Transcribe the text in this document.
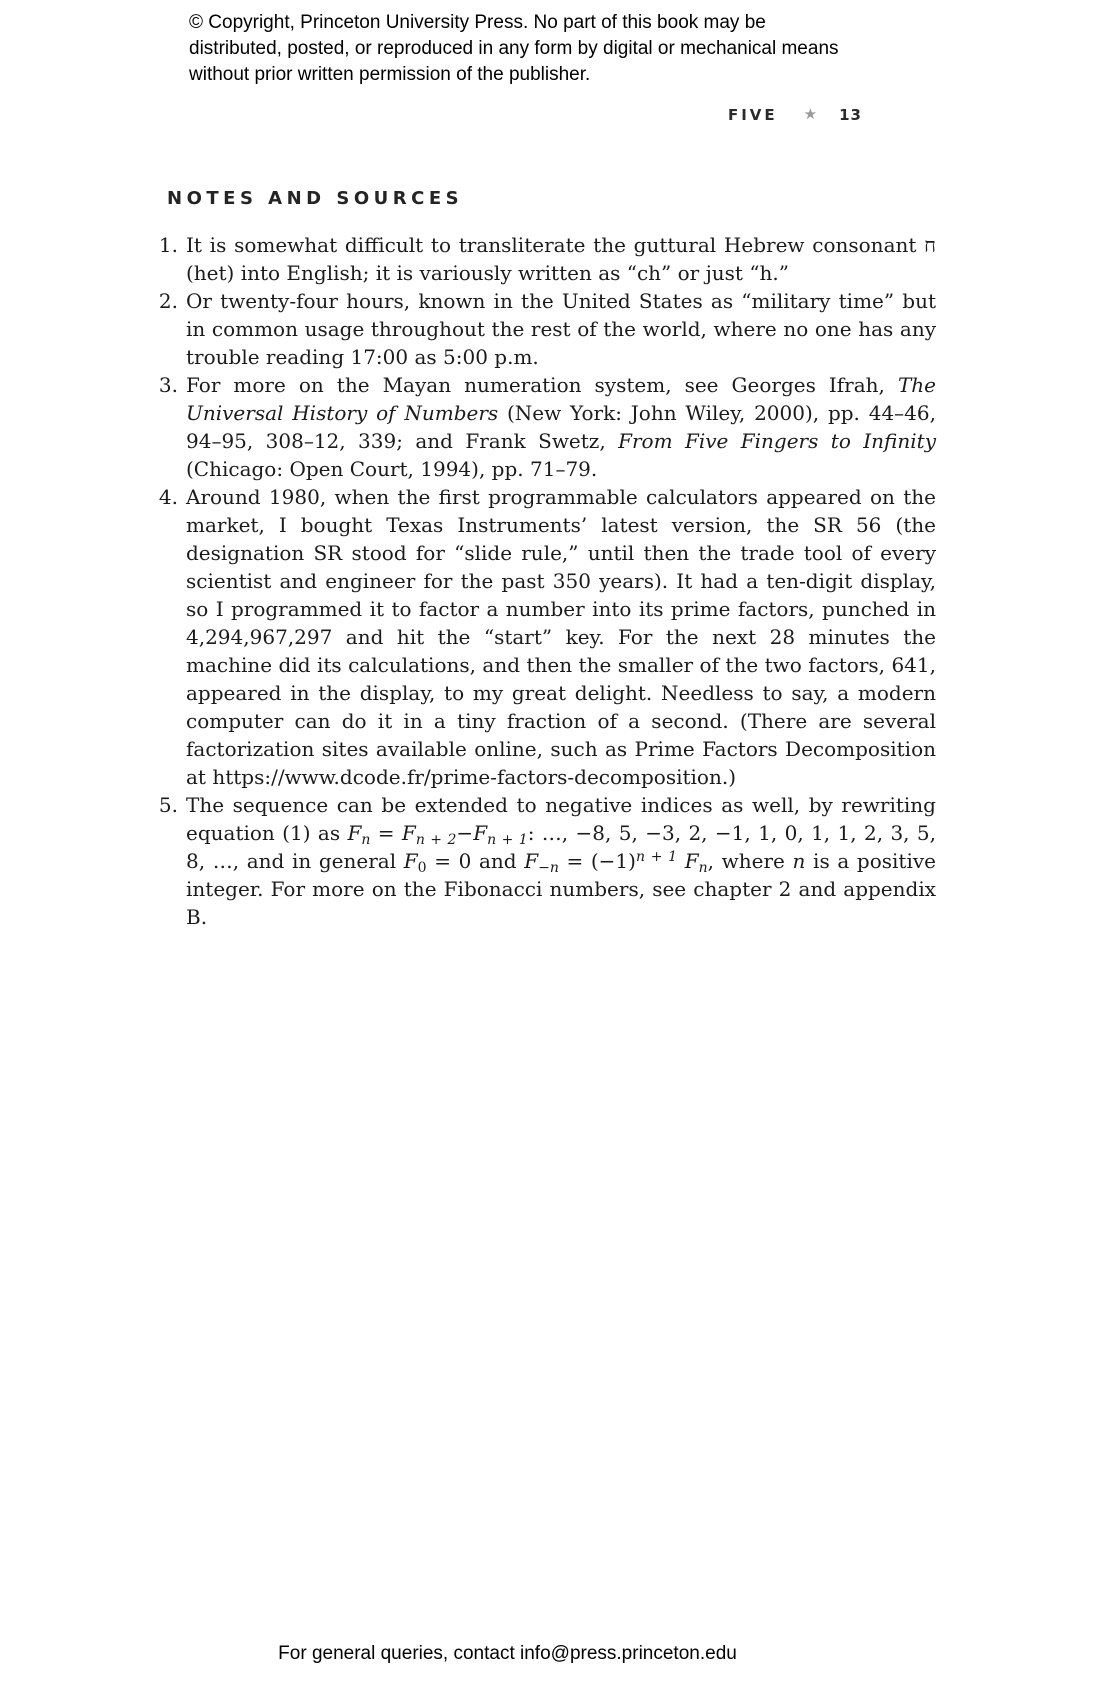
© Copyright, Princeton University Press. No part of this book may be distributed, posted, or reproduced in any form by digital or mechanical means without prior written permission of the publisher.
FIVE ★ 13
NOTES AND SOURCES
1. It is somewhat difficult to transliterate the guttural Hebrew consonant ח (het) into English; it is variously written as “ch” or just “h.”
2. Or twenty-four hours, known in the United States as “military time” but in common usage throughout the rest of the world, where no one has any trouble reading 17:00 as 5:00 p.m.
3. For more on the Mayan numeration system, see Georges Ifrah, The Universal History of Numbers (New York: John Wiley, 2000), pp. 44–46, 94–95, 308–12, 339; and Frank Swetz, From Five Fingers to Infinity (Chicago: Open Court, 1994), pp. 71–79.
4. Around 1980, when the first programmable calculators appeared on the market, I bought Texas Instruments’ latest version, the SR 56 (the designation SR stood for “slide rule,” until then the trade tool of every scientist and engineer for the past 350 years). It had a ten-digit display, so I programmed it to factor a number into its prime factors, punched in 4,294,967,297 and hit the “start” key. For the next 28 minutes the machine did its calculations, and then the smaller of the two factors, 641, appeared in the display, to my great delight. Needless to say, a modern computer can do it in a tiny fraction of a second. (There are several factorization sites available online, such as Prime Factors Decomposition at https://www.dcode.fr/prime-factors-decomposition.)
5. The sequence can be extended to negative indices as well, by rewriting equation (1) as $F_n = F_{n + 2}-F_{n + 1}$: …, −8, 5, −3, 2, −1, 1, 0, 1, 1, 2, 3, 5, 8, …, and in general $F_0 = 0$ and $F_{-n} = (-1)^{n + 1}$ $F_n$, where n is a positive integer. For more on the Fibonacci numbers, see chapter 2 and appendix B.
For general queries, contact info@press.princeton.edu
